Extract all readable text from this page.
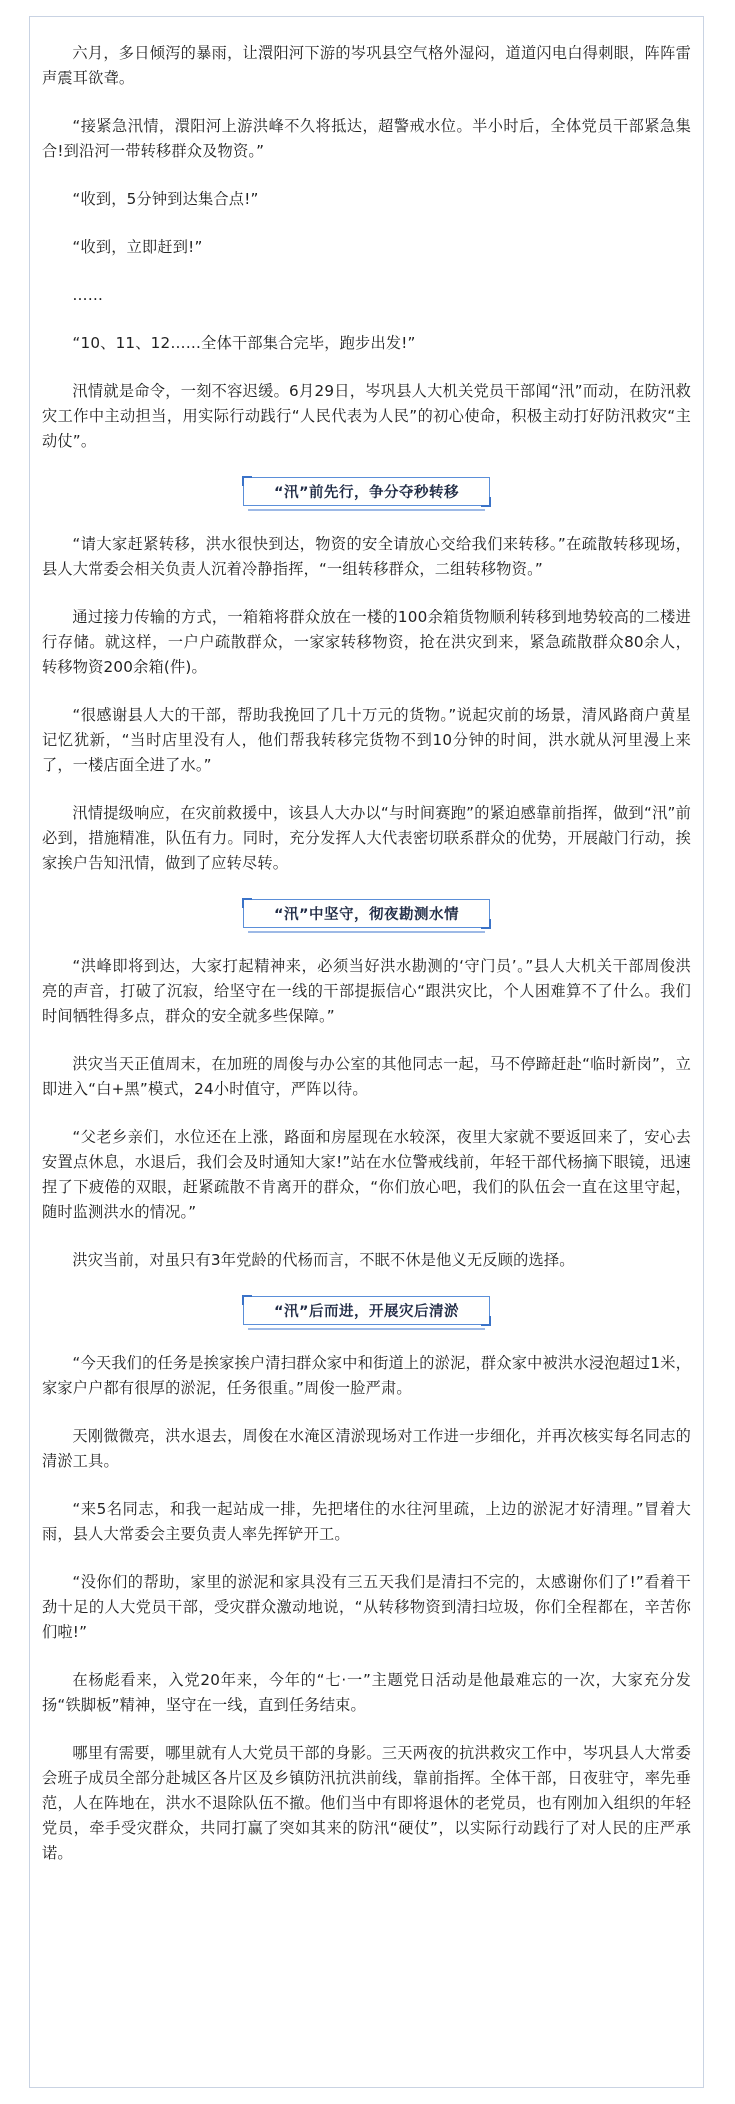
六月，多日倾泻的暴雨，让澴阳河下游的岑巩县空气格外湿闷，道道闪电白得刺眼，阵阵雷声震耳欲聋。

“接紧急汛情，澴阳河上游洪峰不久将抵达，超警戒水位。半小时后，全体党员干部紧急集合!到沿河一带转移群众及物资。”

“收到，5分钟到达集合点!”

“收到，立即赶到!”

……

“10、11、12……全体干部集合完毕，跑步出发!”

汛情就是命令，一刻不容迟缓。6月29日，岑巩县人大机关党员干部闻“汛”而动，在防汛救灾工作中主动担当，用实际行动践行“人民代表为人民”的初心使命，积极主动打好防汛救灾“主动仗”。

“汛”前先行，争分夺秒转移

“请大家赶紧转移，洪水很快到达，物资的安全请放心交给我们来转移。”在疏散转移现场，县人大常委会相关负责人沉着冷静指挥，“一组转移群众，二组转移物资。”

通过接力传输的方式，一箱箱将群众放在一楼的100余箱货物顺利转移到地势较高的二楼进行存储。就这样，一户户疏散群众，一家家转移物资，抢在洪灾到来，紧急疏散群众80余人，转移物资200余箱(件)。

“很感谢县人大的干部，帮助我挽回了几十万元的货物。”说起灾前的场景，清风路商户黄星记忆犹新，“当时店里没有人，他们帮我转移完货物不到10分钟的时间，洪水就从河里漫上来了，一楼店面全进了水。”

汛情提级响应，在灾前救援中，该县人大办以“与时间赛跑”的紧迫感靠前指挥，做到“汛”前必到，措施精准，队伍有力。同时，充分发挥人大代表密切联系群众的优势，开展敲门行动，挨家挨户告知汛情，做到了应转尽转。

“汛”中坚守，彻夜勘测水情

“洪峰即将到达，大家打起精神来，必须当好洪水勘测的‘守门员’。”县人大机关干部周俊洪亮的声音，打破了沉寂，给坚守在一线的干部提振信心“跟洪灾比，个人困难算不了什么。我们时间牺牲得多点，群众的安全就多些保障。”

洪灾当天正值周末，在加班的周俊与办公室的其他同志一起，马不停蹄赶赴“临时新岗”，立即进入“白+黑”模式，24小时值守，严阵以待。

“父老乡亲们，水位还在上涨，路面和房屋现在水较深，夜里大家就不要返回来了，安心去安置点休息，水退后，我们会及时通知大家!”站在水位警戒线前，年轻干部代杨摘下眼镜，迅速捏了下疲倦的双眼，赶紧疏散不肯离开的群众，“你们放心吧，我们的队伍会一直在这里守起，随时监测洪水的情况。”

洪灾当前，对虽只有3年党龄的代杨而言，不眠不休是他义无反顾的选择。

“汛”后而进，开展灾后清淤

“今天我们的任务是挨家挨户清扫群众家中和街道上的淤泥，群众家中被洪水浸泡超过1米，家家户户都有很厚的淤泥，任务很重。”周俊一脸严肃。

天刚微微亮，洪水退去，周俊在水淹区清淤现场对工作进一步细化，并再次核实每名同志的清淤工具。

“来5名同志，和我一起站成一排，先把堵住的水往河里疏，上边的淤泥才好清理。”冒着大雨，县人大常委会主要负责人率先挥铲开工。

“没你们的帮助，家里的淤泥和家具没有三五天我们是清扫不完的，太感谢你们了!”看着干劲十足的人大党员干部，受灾群众激动地说，“从转移物资到清扫垃圾，你们全程都在，辛苦你们啦!”

在杨彪看来，入党20年来，今年的“七·一”主题党日活动是他最难忘的一次，大家充分发扬“铁脚板”精神，坚守在一线，直到任务结束。

哪里有需要，哪里就有人大党员干部的身影。三天两夜的抗洪救灾工作中，岑巩县人大常委会班子成员全部分赴城区各片区及乡镇防汛抗洪前线，靠前指挥。全体干部，日夜驻守，率先垂范，人在阵地在，洪水不退除队伍不撤。他们当中有即将退休的老党员，也有刚加入组织的年轻党员，牵手受灾群众，共同打赢了突如其来的防汛“硬仗”，以实际行动践行了对人民的庄严承诺。
